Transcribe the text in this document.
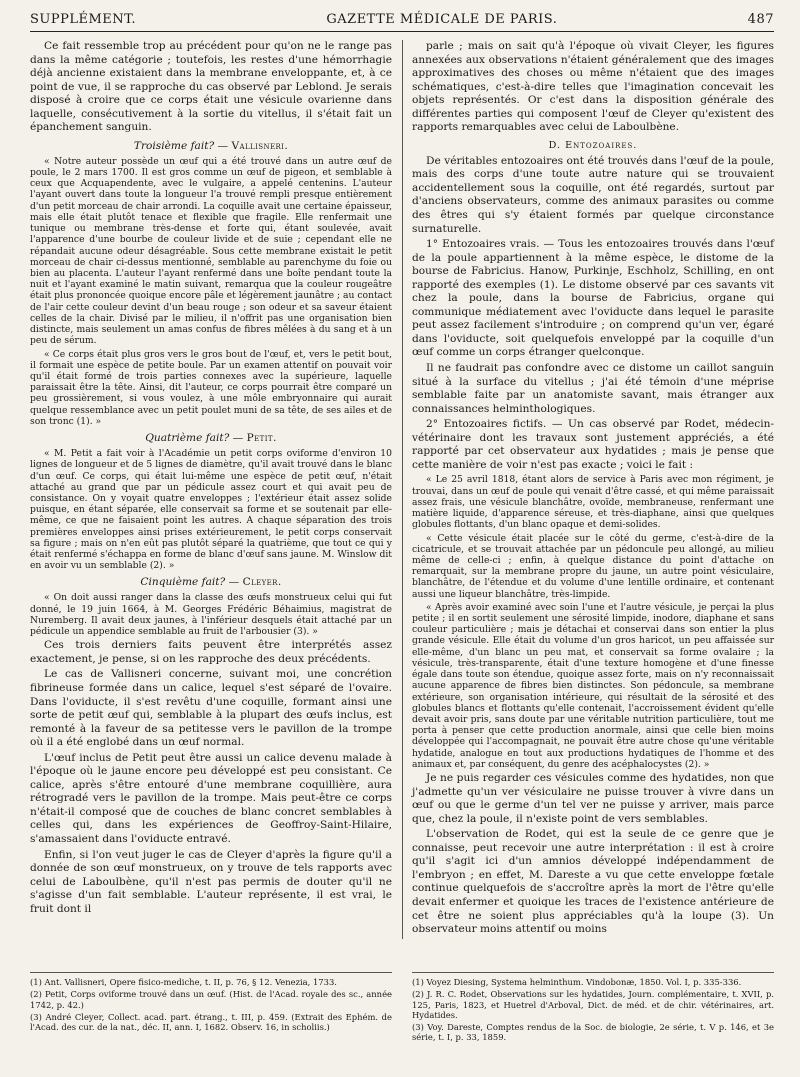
SUPPLÉMENT.	GAZETTE MÉDICALE DE PARIS.	487

Ce fait ressemble trop au précédent pour qu'on ne le range pas dans la même catégorie ; toutefois, les restes d'une hémorrhagie déjà ancienne existaient dans la membrane enveloppante, et, à ce point de vue, il se rapproche du cas observé par Leblond. Je serais disposé à croire que ce corps était une vésicule ovarienne dans laquelle, consécutivement à la sortie du vitellus, il s'était fait un épanchement sanguin.

Troisième fait? — Vallisneri.

« Notre auteur possède un œuf qui a été trouvé dans un autre œuf de poule, le 2 mars 1700. Il est gros comme un œuf de pigeon, et semblable à ceux que Acquapendente, avec le vulgaire, a appelé centenins. L'auteur l'ayant ouvert dans toute la longueur l'a trouvé rempli presque entièrement d'un petit morceau de chair arrondi. La coquille avait une certaine épaisseur, mais elle était plutôt tenace et flexible que fragile. Elle renfermait une tunique ou membrane très-dense et forte qui, étant soulevée, avait l'apparence d'une bourbe de couleur livide et de suie ; cependant elle ne répandait aucune odeur désagréable. Sous cette membrane existait le petit morceau de chair ci-dessus mentionné, semblable au parenchyme du foie ou bien au placenta. L'auteur l'ayant renfermé dans une boîte pendant toute la nuit et l'ayant examiné le matin suivant, remarqua que la couleur rougeâtre était plus prononcée quoique encore pâle et légèrement jaunâtre ; au contact de l'air cette couleur devint d'un beau rouge ; son odeur et sa saveur étaient celles de la chair. Divisé par le milieu, il n'offrit pas une organisation bien distincte, mais seulement un amas confus de fibres mêlées à du sang et à un peu de sérum.

« Ce corps était plus gros vers le gros bout de l'œuf, et, vers le petit bout, il formait une espèce de petite boule. Par un examen attentif on pouvait voir qu'il était formé de trois parties connexes avec la supérieure, laquelle paraissait être la tête. Ainsi, dit l'auteur, ce corps pourrait être comparé un peu grossièrement, si vous voulez, à une môle embryonnaire qui aurait quelque ressemblance avec un petit poulet muni de sa tête, de ses ailes et de son tronc (1). »

Quatrième fait? — Petit.

« M. Petit a fait voir à l'Académie un petit corps oviforme d'environ 10 lignes de longueur et de 5 lignes de diamètre, qu'il avait trouvé dans le blanc d'un œuf. Ce corps, qui était lui-même une espèce de petit œuf, n'était attaché au grand que par un pédicule assez court et qui avait peu de consistance. On y voyait quatre enveloppes ; l'extérieur était assez solide puisque, en étant séparée, elle conservait sa forme et se soutenait par elle-même, ce que ne faisaient point les autres. A chaque séparation des trois premières enveloppes ainsi prises extérieurement, le petit corps conservait sa figure ; mais on n'en eût pas plutôt séparé la quatrième, que tout ce qui y était renfermé s'échappa en forme de blanc d'œuf sans jaune. M. Winslow dit en avoir vu un semblable (2). »

Cinquième fait? — Cleyer.

« On doit aussi ranger dans la classe des œufs monstrueux celui qui fut donné, le 19 juin 1664, à M. Georges Frédéric Béhaimius, magistrat de Nuremberg. Il avait deux jaunes, à l'inférieur desquels était attaché par un pédicule un appendice semblable au fruit de l'arbousier (3). »

Ces trois derniers faits peuvent être interprétés assez exactement, je pense, si on les rapproche des deux précédents.

Le cas de Vallisneri concerne, suivant moi, une concrétion fibrineuse formée dans un calice, lequel s'est séparé de l'ovaire. Dans l'oviducte, il s'est revêtu d'une coquille, formant ainsi une sorte de petit œuf qui, semblable à la plupart des œufs inclus, est remonté à la faveur de sa petitesse vers le pavillon de la trompe où il a été englobé dans un œuf normal.

L'œuf inclus de Petit peut être aussi un calice devenu malade à l'époque où le jaune encore peu développé est peu consistant. Ce calice, après s'être entouré d'une membrane coquillière, aura rétrogradé vers le pavillon de la trompe. Mais peut-être ce corps n'était-il composé que de couches de blanc concret semblables à celles qui, dans les expériences de Geoffroy-Saint-Hilaire, s'amassaient dans l'oviducte entravé.

Enfin, si l'on veut juger le cas de Cleyer d'après la figure qu'il a donnée de son œuf monstrueux, on y trouve de tels rapports avec celui de Laboulbène, qu'il n'est pas permis de douter qu'il ne s'agisse d'un fait semblable. L'auteur représente, il est vrai, le fruit dont il

parle ; mais on sait qu'à l'époque où vivait Cleyer, les figures annexées aux observations n'étaient généralement que des images approximatives des choses ou même n'étaient que des images schématiques, c'est-à-dire telles que l'imagination concevait les objets représentés. Or c'est dans la disposition générale des différentes parties qui composent l'œuf de Cleyer qu'existent des rapports remarquables avec celui de Laboulbène.

D. Entozoaires.

De véritables entozoaires ont été trouvés dans l'œuf de la poule, mais des corps d'une toute autre nature qui se trouvaient accidentellement sous la coquille, ont été regardés, surtout par d'anciens observateurs, comme des animaux parasites ou comme des êtres qui s'y étaient formés par quelque circonstance surnaturelle.

1° Entozoaires vrais. — Tous les entozoaires trouvés dans l'œuf de la poule appartiennent à la même espèce, le distome de la bourse de Fabricius. Hanow, Purkinje, Eschholz, Schilling, en ont rapporté des exemples (1). Le distome observé par ces savants vit chez la poule, dans la bourse de Fabricius, organe qui communique médiatement avec l'oviducte dans lequel le parasite peut assez facilement s'introduire ; on comprend qu'un ver, égaré dans l'oviducte, soit quelquefois enveloppé par la coquille d'un œuf comme un corps étranger quelconque.

Il ne faudrait pas confondre avec ce distome un caillot sanguin situé à la surface du vitellus ; j'ai été témoin d'une méprise semblable faite par un anatomiste savant, mais étranger aux connaissances helminthologiques.

2° Entozoaires fictifs. — Un cas observé par Rodet, médecin-vétérinaire dont les travaux sont justement appréciés, a été rapporté par cet observateur aux hydatides ; mais je pense que cette manière de voir n'est pas exacte ; voici le fait :

« Le 25 avril 1818, étant alors de service à Paris avec mon régiment, je trouvai, dans un œuf de poule qui venait d'être cassé, et qui même paraissait assez frais, une vésicule blanchâtre, ovoïde, membraneuse, renfermant une matière liquide, d'apparence séreuse, et très-diaphane, ainsi que quelques globules flottants, d'un blanc opaque et demi-solides.

« Cette vésicule était placée sur le côté du germe, c'est-à-dire de la cicatricule, et se trouvait attachée par un pédoncule peu allongé, au milieu même de celle-ci ; enfin, à quelque distance du point d'attache on remarquait, sur la membrane propre du jaune, un autre point vésiculaire, blanchâtre, de l'étendue et du volume d'une lentille ordinaire, et contenant aussi une liqueur blanchâtre, très-limpide.

« Après avoir examiné avec soin l'une et l'autre vésicule, je perçai la plus petite ; il en sortit seulement une sérosité limpide, inodore, diaphane et sans couleur particulière ; mais je détachai et conservai dans son entier la plus grande vésicule. Elle était du volume d'un gros haricot, un peu affaissée sur elle-même, d'un blanc un peu mat, et conservait sa forme ovalaire ; la vésicule, très-transparente, était d'une texture homogène et d'une finesse égale dans toute son étendue, quoique assez forte, mais on n'y reconnaissait aucune apparence de fibres bien distinctes. Son pédoncule, sa membrane extérieure, son organisation intérieure, qui résultait de la sérosité et des globules blancs et flottants qu'elle contenait, l'accroissement évident qu'elle devait avoir pris, sans doute par une véritable nutrition particulière, tout me porta à penser que cette production anormale, ainsi que celle bien moins développée qui l'accompagnait, ne pouvait être autre chose qu'une véritable hydatide, analogue en tout aux productions hydatiques de l'homme et des animaux et, par conséquent, du genre des acéphalocystes (2). »

Je ne puis regarder ces vésicules comme des hydatides, non que j'admette qu'un ver vésiculaire ne puisse trouver à vivre dans un œuf ou que le germe d'un tel ver ne puisse y arriver, mais parce que, chez la poule, il n'existe point de vers semblables.

L'observation de Rodet, qui est la seule de ce genre que je connaisse, peut recevoir une autre interprétation : il est à croire qu'il s'agit ici d'un amnios développé indépendamment de l'embryon ; en effet, M. Dareste a vu que cette enveloppe fœtale continue quelquefois de s'accroître après la mort de l'être qu'elle devait enfermer et quoique les traces de l'existence antérieure de cet être ne soient plus appréciables qu'à la loupe (3). Un observateur moins attentif ou moins

(1) Ant. Vallisneri, Opere fisico-mediche, t. II, p. 76, § 12. Venezia, 1733.

(2) Petit, Corps oviforme trouvé dans un œuf. (Hist. de l'Acad. royale des sc., année 1742, p. 42.)

(3) André Cleyer, Collect. acad. part. étrang., t. III, p. 459. (Extrait des Ephém. de l'Acad. des cur. de la nat., déc. II, ann. I, 1682. Observ. 16, in scholiis.)

(1) Voyez Diesing, Systema helminthum. Vindobonæ, 1850. Vol. I, p. 335-336.

(2) J. R. C. Rodet, Observations sur les hydatides, Journ. complémentaire, t. XVII, p. 125, Paris, 1823, et Huetrel d'Arboval, Dict. de méd. et de chir. vétérinaires, art. Hydatides.

(3) Voy. Dareste, Comptes rendus de la Soc. de biologie, 2e série, t. V p. 146, et 3e série, t. I, p. 33, 1859.
